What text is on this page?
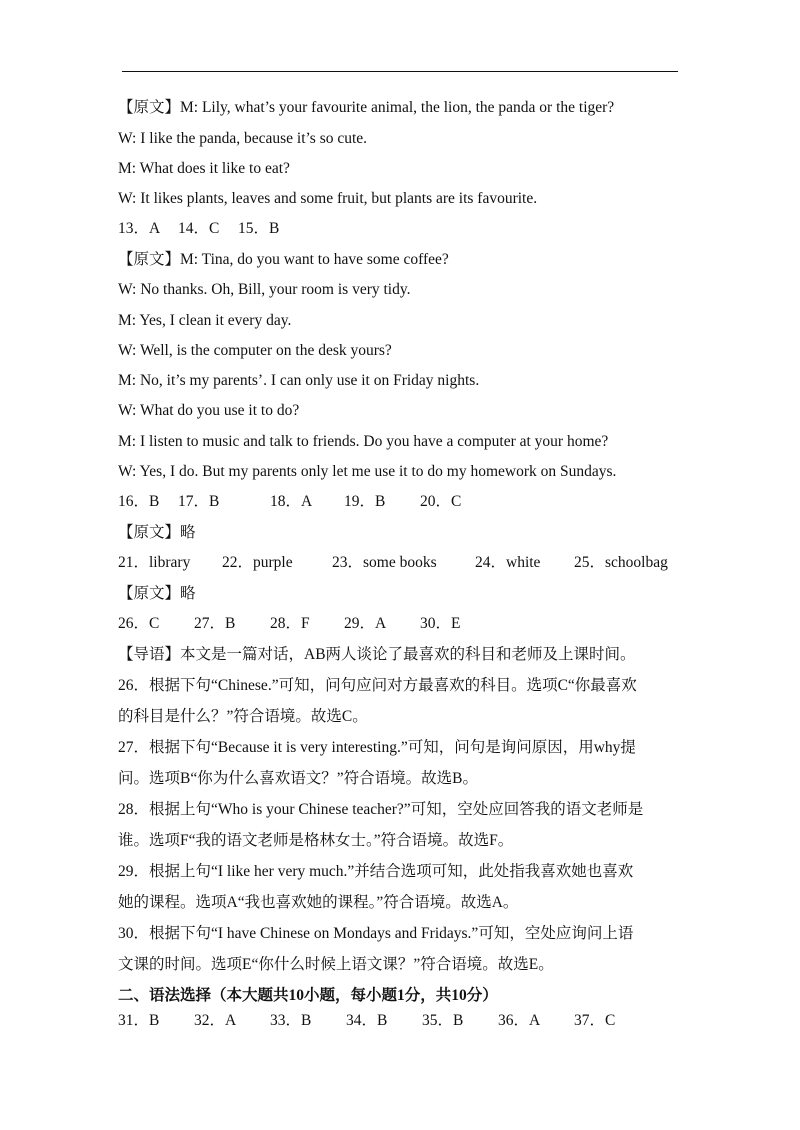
【原文】M: Lily, what’s your favourite animal, the lion, the panda or the tiger?
W: I like the panda, because it’s so cute.
M: What does it like to eat?
W: It likes plants, leaves and some fruit, but plants are its favourite.
13．A 14．C 15．B
【原文】M: Tina, do you want to have some coffee?
W: No thanks. Oh, Bill, your room is very tidy.
M: Yes, I clean it every day.
W: Well, is the computer on the desk yours?
M: No, it’s my parents’. I can only use it on Friday nights.
W: What do you use it to do?
M: I listen to music and talk to friends. Do you have a computer at your home?
W: Yes, I do. But my parents only let me use it to do my homework on Sundays.
16．B 17．B	18．A 19．B 20．C
【原文】略
21．library 22．purple	23．some books 24．white 25．schoolbag
【原文】略
26．C 27．B 28．F 29．A 30．E
【导语】本文是一篇对话，AB两人谈论了最喜欢的科目和老师及上课时间。
26．根据下句“Chinese.”可知，问句应问对方最喜欢的科目。选项C“你最喜欢
的科目是什么？”符合语境。故选C。
27．根据下句“Because it is very interesting.”可知，问句是询问原因，用why提
问。选项B“你为什么喜欢语文？”符合语境。故选B。
28．根据上句“Who is your Chinese teacher?”可知，空处应回答我的语文老师是
谁。选项F“我的语文老师是格林女士。”符合语境。故选F。
29．根据上句“I like her very much.”并结合选项可知，此处指我喜欢她也喜欢
她的课程。选项A“我也喜欢她的课程。”符合语境。故选A。
30．根据下句“I have Chinese on Mondays and Fridays.”可知，空处应询问上语
文课的时间。选项E“你什么时候上语文课？”符合语境。故选E。
二、语法选择（本大题共10小题，每小题1分，共10分）
31．B 32．A 33．B 34．B 35．B 36．A 37．C
